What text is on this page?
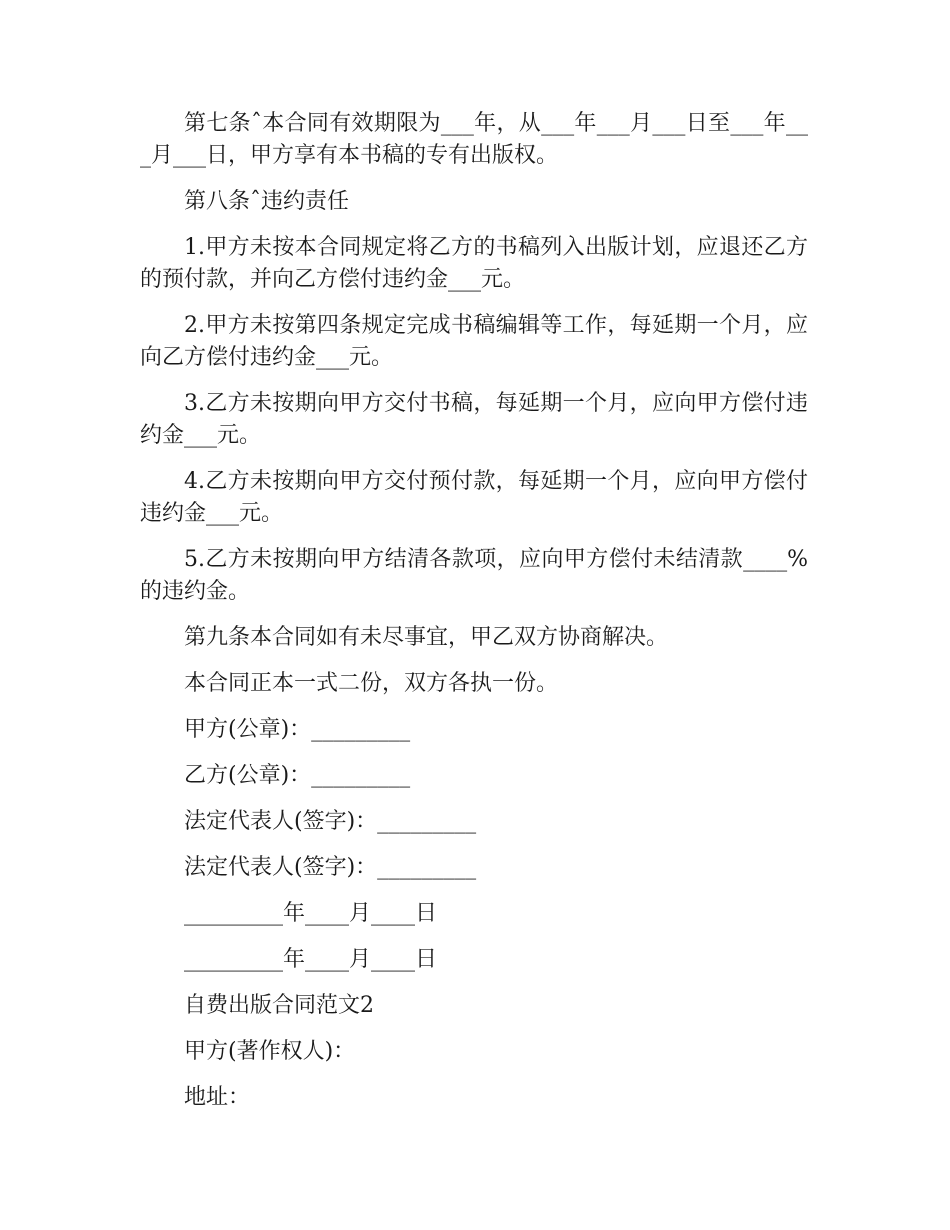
第七条ˆ本合同有效期限为___年，从___年___月___日至___年___月___日，甲方享有本书稿的专有出版权。

第八条ˆ违约责任

1.甲方未按本合同规定将乙方的书稿列入出版计划，应退还乙方的预付款，并向乙方偿付违约金___元。

2.甲方未按第四条规定完成书稿编辑等工作，每延期一个月，应向乙方偿付违约金___元。

3.乙方未按期向甲方交付书稿，每延期一个月，应向甲方偿付违约金___元。

4.乙方未按期向甲方交付预付款，每延期一个月，应向甲方偿付违约金___元。

5.乙方未按期向甲方结清各款项，应向甲方偿付未结清款____%的违约金。

第九条本合同如有未尽事宜，甲乙双方协商解决。

本合同正本一式二份，双方各执一份。

甲方(公章)：_________

乙方(公章)：_________

法定代表人(签字)：_________

法定代表人(签字)：_________

_________年____月____日

_________年____月____日

自费出版合同范文2

甲方(著作权人)：

地址：
